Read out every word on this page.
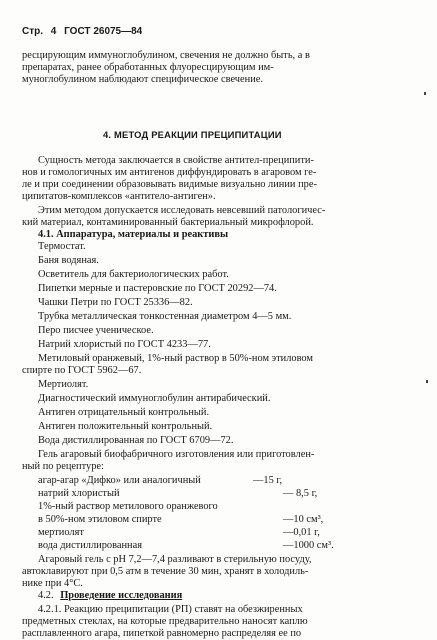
Стр. 4 ГОСТ 26075—84
ресцирующим иммуноглобулином, свечения не должно быть, а в
препаратах, ранее обработанных флуоресцирующим им-
муноглобулином наблюдают специфическое свечение.
4. МЕТОД РЕАКЦИИ ПРЕЦИПИТАЦИИ
Сущность метода заключается в свойстве антител-преципити-
нов и гомологичных им антигенов диффундировать в агаровом ге-
ле и при соединении образовывать видимые визуально линии пре-
ципитатов-комплексов «антитело-антиген».
Этим методом допускается исследовать невсевший патологичес-
кий материал, контаминированный бактериальный микрофлорой.
4.1. Аппаратура, материалы и реактивы
Термостат.
Баня водяная.
Осветитель для бактериологических работ.
Пипетки мерные и пастеровские по ГОСТ 20292—74.
Чашки Петри по ГОСТ 25336—82.
Трубка металлическая тонкостенная диаметром 4—5 мм.
Перо писчее ученическое.
Натрий хлористый по ГОСТ 4233—77.
Метиловый оранжевый, 1%-ный раствор в 50%-ном этиловом
спирте по ГОСТ 5962—67.
Мертиолят.
Диагностический иммуноглобулин антирабический.
Антиген отрицательный контрольный.
Антиген положительный контрольный.
Вода дистиллированная по ГОСТ 6709—72.
Гель агаровый биофабричного изготовления или приготовлен-
ный по рецептуре:
агар-агар «Дифко» или аналогичный	—15 г,
натрий хлористый	— 8,5 г,
1%-ный раствор метилового оранжевого
в 50%-ном этиловом спирте	—10 см³,
мертиолят	—0,01 г,
вода дистиллированная	—1000 см³.
Агаровый гель с pH 7,2—7,4 разливают в стерильную посуду,
автоклавируют при 0,5 атм в течение 30 мин, хранят в холодиль-
нике при 4°С.
4.2. Проведение исследования
4.2.1. Реакцию преципитации (РП) ставят на обезжиренных
предметных стеклах, на которые предварительно наносят каплю
расплавленного агара, пипеткой равномерно распределяя ее по
